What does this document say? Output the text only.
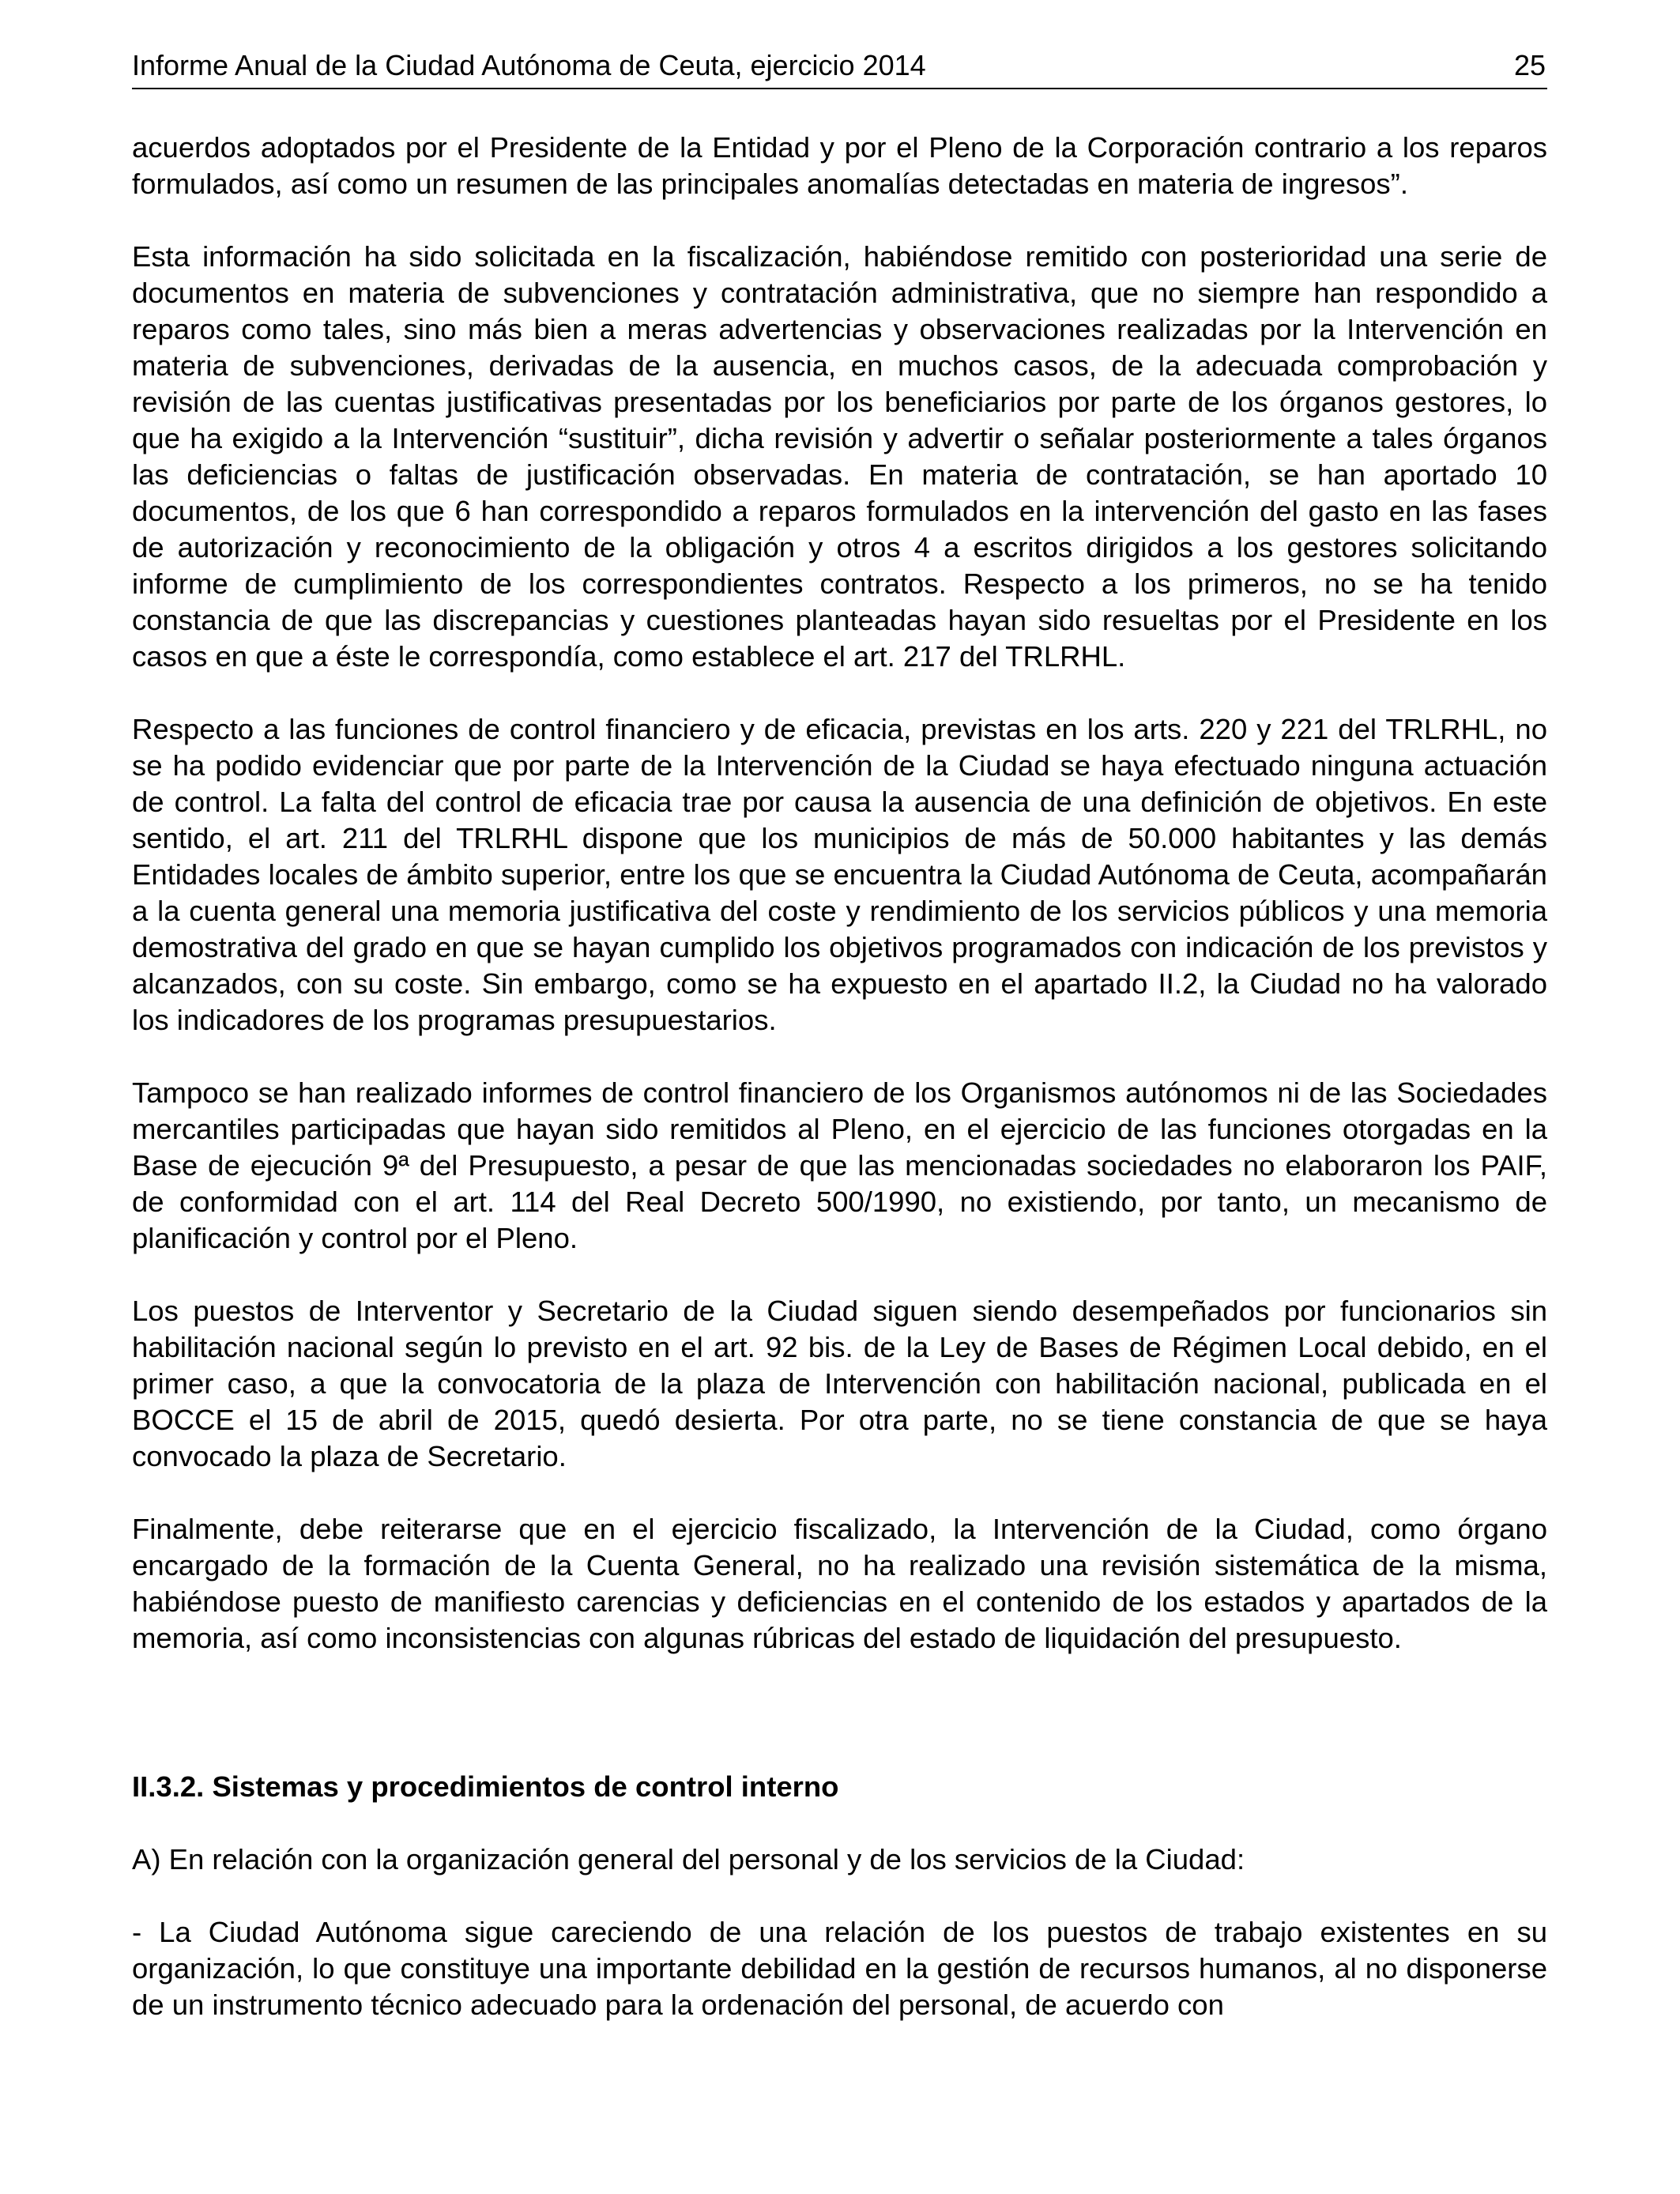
Informe Anual de la Ciudad Autónoma de Ceuta, ejercicio 2014	25

acuerdos adoptados por el Presidente de la Entidad y por el Pleno de la Corporación contrario a los reparos formulados, así como un resumen de las principales anomalías detectadas en materia de ingresos”.

Esta información ha sido solicitada en la fiscalización, habiéndose remitido con posterioridad una serie de documentos en materia de subvenciones y contratación administrativa, que no siempre han respondido a reparos como tales, sino más bien a meras advertencias y observaciones realizadas por la Intervención en materia de subvenciones, derivadas de la ausencia, en muchos casos, de la adecuada comprobación y revisión de las cuentas justificativas presentadas por los beneficiarios por parte de los órganos gestores, lo que ha exigido a la Intervención “sustituir”, dicha revisión y advertir o señalar posteriormente a tales órganos las deficiencias o faltas de justificación observadas. En materia de contratación, se han aportado 10 documentos, de los que 6 han correspondido a reparos formulados en la intervención del gasto en las fases de autorización y reconocimiento de la obligación y otros 4 a escritos dirigidos a los gestores solicitando informe de cumplimiento de los correspondientes contratos. Respecto a los primeros, no se ha tenido constancia de que las discrepancias y cuestiones planteadas hayan sido resueltas por el Presidente en los casos en que a éste le correspondía, como establece el art. 217 del TRLRHL.

Respecto a las funciones de control financiero y de eficacia, previstas en los arts. 220 y 221 del TRLRHL, no se ha podido evidenciar que por parte de la Intervención de la Ciudad se haya efectuado ninguna actuación de control. La falta del control de eficacia trae por causa la ausencia de una definición de objetivos. En este sentido, el art. 211 del TRLRHL dispone que los municipios de más de 50.000 habitantes y las demás Entidades locales de ámbito superior, entre los que se encuentra la Ciudad Autónoma de Ceuta, acompañarán a la cuenta general una memoria justificativa del coste y rendimiento de los servicios públicos y una memoria demostrativa del grado en que se hayan cumplido los objetivos programados con indicación de los previstos y alcanzados, con su coste. Sin embargo, como se ha expuesto en el apartado II.2, la Ciudad no ha valorado los indicadores de los programas presupuestarios.

Tampoco se han realizado informes de control financiero de los Organismos autónomos ni de las Sociedades mercantiles participadas que hayan sido remitidos al Pleno, en el ejercicio de las funciones otorgadas en la Base de ejecución 9ª del Presupuesto, a pesar de que las mencionadas sociedades no elaboraron los PAIF, de conformidad con el art. 114 del Real Decreto 500/1990, no existiendo, por tanto, un mecanismo de planificación y control por el Pleno.

Los puestos de Interventor y Secretario de la Ciudad siguen siendo desempeñados por funcionarios sin habilitación nacional según lo previsto en el art. 92 bis. de la Ley de Bases de Régimen Local debido, en el primer caso, a que la convocatoria de la plaza de Intervención con habilitación nacional, publicada en el BOCCE el 15 de abril de 2015, quedó desierta. Por otra parte, no se tiene constancia de que se haya convocado la plaza de Secretario.

Finalmente, debe reiterarse que en el ejercicio fiscalizado, la Intervención de la Ciudad, como órgano encargado de la formación de la Cuenta General, no ha realizado una revisión sistemática de la misma, habiéndose puesto de manifiesto carencias y deficiencias en el contenido de los estados y apartados de la memoria, así como inconsistencias con algunas rúbricas del estado de liquidación del presupuesto.

II.3.2. Sistemas y procedimientos de control interno

A) En relación con la organización general del personal y de los servicios de la Ciudad:

- La Ciudad Autónoma sigue careciendo de una relación de los puestos de trabajo existentes en su organización, lo que constituye una importante debilidad en la gestión de recursos humanos, al no disponerse de un instrumento técnico adecuado para la ordenación del personal, de acuerdo con
